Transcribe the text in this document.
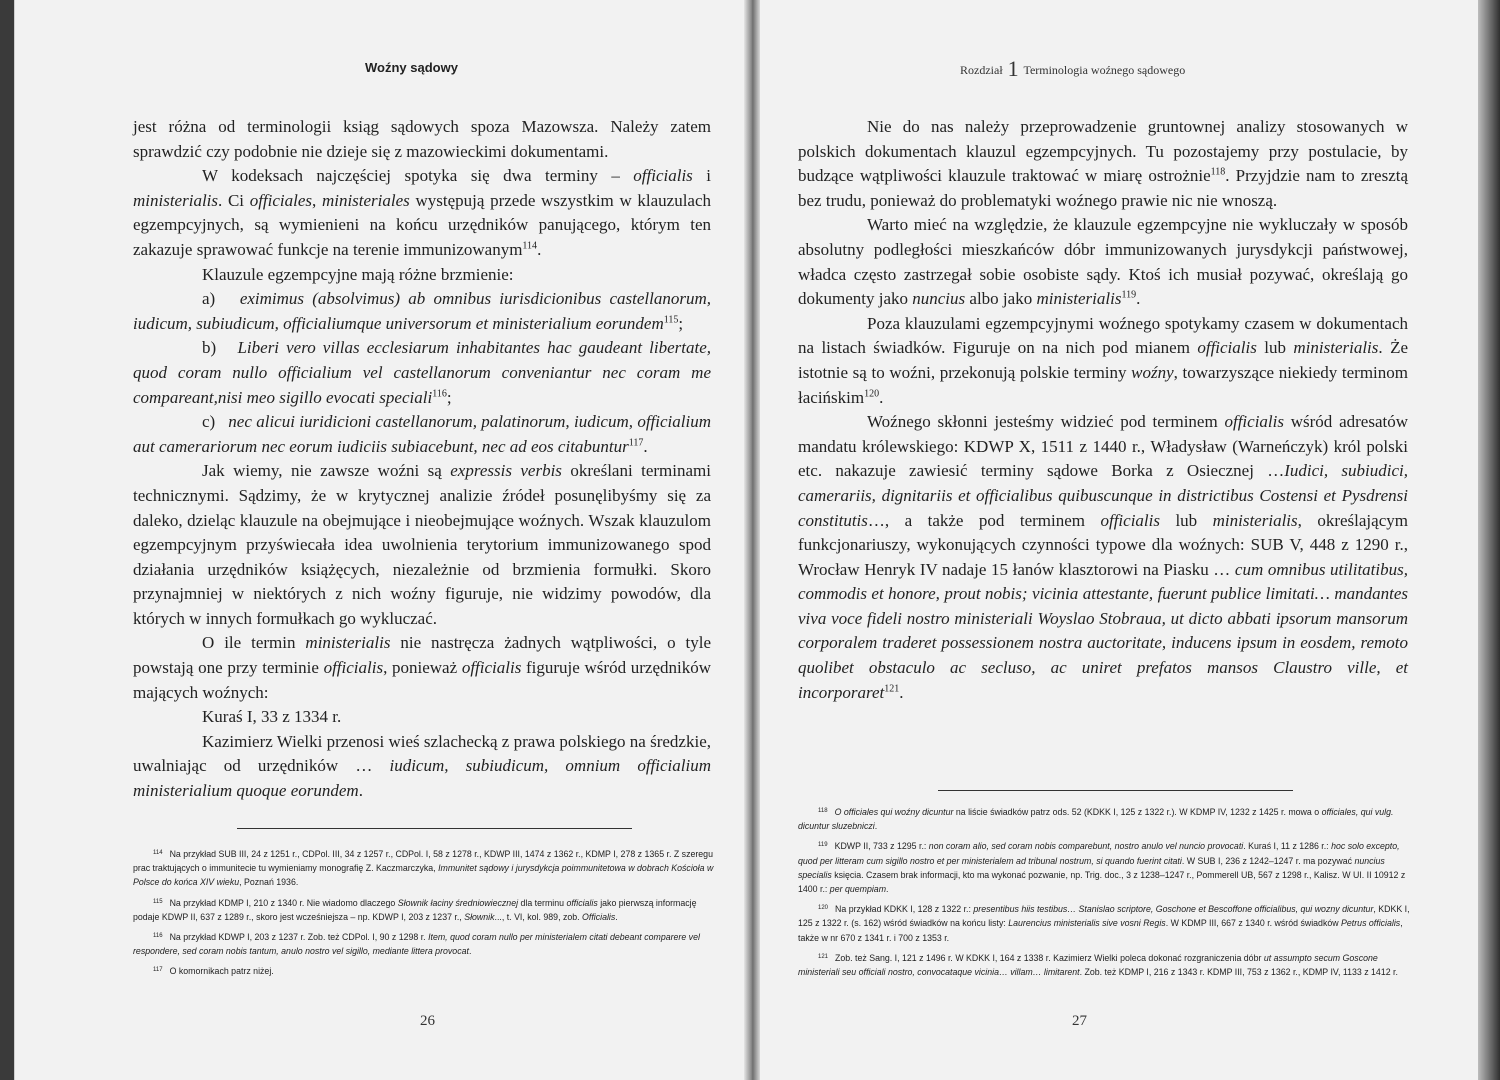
Woźny sądowy

jest różna od terminologii ksiąg sądowych spoza Mazowsza. Należy zatem sprawdzić czy podobnie nie dzieje się z mazowieckimi dokumentami.

W kodeksach najczęściej spotyka się dwa terminy – officialis i ministerialis. Ci officiales, ministeriales występują przede wszystkim w klauzulach egzempcyjnych, są wymienieni na końcu urzędników panującego, którym ten zakazuje sprawować funkcje na terenie immunizowanym$^{114}$.

Klauzule egzempcyjne mają różne brzmienie:

a)   eximimus (absolvimus) ab omnibus iurisdicionibus castellanorum, iudicum, subiudicum, officialiumque universorum et ministerialium eorundem$^{115}$;

b)   Liberi vero villas ecclesiarum inhabitantes hac gaudeant libertate, quod coram nullo officialium vel castellanorum conveniantur nec coram me compareant,nisi meo sigillo evocati speciali$^{116}$;

c)   nec alicui iuridicioni castellanorum, palatinorum, iudicum, officialium aut camerariorum nec eorum iudiciis subiacebunt, nec ad eos citabuntur$^{117}$.

Jak wiemy, nie zawsze woźni są expressis verbis określani terminami technicznymi. Sądzimy, że w krytycznej analizie źródeł posunęlibyśmy się za daleko, dzieląc klauzule na obejmujące i nieobejmujące woźnych. Wszak klauzulom egzempcyjnym przyświecała idea uwolnienia terytorium immunizowanego spod działania urzędników książęcych, niezależnie od brzmienia formułki. Skoro przynajmniej w niektórych z nich woźny figuruje, nie widzimy powodów, dla których w innych formułkach go wykluczać.

O ile termin ministerialis nie nastręcza żadnych wątpliwości, o tyle powstają one przy terminie officialis, ponieważ officialis figuruje wśród urzędników mających woźnych:

Kuraś I, 33 z 1334 r.

Kazimierz Wielki przenosi wieś szlachecką z prawa polskiego na średzkie, uwalniając od urzędników … iudicum, subiudicum, omnium officialium ministerialium quoque eorundem.

$^{114}$ Na przykład SUB III, 24 z 1251 r., CDPol. III, 34 z 1257 r., CDPol. I, 58 z 1278 r., KDWP III, 1474 z 1362 r., KDMP I, 278 z 1365 r. Z szeregu prac traktujących o immunitecie tu wymieniamy monografię Z. Kaczmarczyka, Immunitet sądowy i jurysdykcja poimmunitetowa w dobrach Kościoła w Polsce do końca XIV wieku, Poznań 1936.

$^{115}$ Na przykład KDMP I, 210 z 1340 r. Nie wiadomo dlaczego Słownik łaciny średniowiecznej dla terminu officialis jako pierwszą informację podaje KDWP II, 637 z 1289 r., skoro jest wcześniejsza – np. KDWP I, 203 z 1237 r., Słownik..., t. VI, kol. 989, zob. Officialis.

$^{116}$ Na przykład KDWP I, 203 z 1237 r. Zob. też CDPol. I, 90 z 1298 r. Item, quod coram nullo per ministerialem citati debeant comparere vel respondere, sed coram nobis tantum, anulo nostro vel sigillo, mediante littera provocat.

$^{117}$ O komornikach patrz niżej.

26
Rozdział 1 Terminologia woźnego sądowego

Nie do nas należy przeprowadzenie gruntownej analizy stosowanych w polskich dokumentach klauzul egzempcyjnych. Tu pozostajemy przy postulacie, by budzące wątpliwości klauzule traktować w miarę ostrożnie$^{118}$. Przyjdzie nam to zresztą bez trudu, ponieważ do problematyki woźnego prawie nic nie wnoszą.

Warto mieć na względzie, że klauzule egzempcyjne nie wykluczały w sposób absolutny podległości mieszkańców dóbr immunizowanych jurysdykcji państwowej, władca często zastrzegał sobie osobiste sądy. Ktoś ich musiał pozywać, określają go dokumenty jako nuncius albo jako ministerialis$^{119}$.

Poza klauzulami egzempcyjnymi woźnego spotykamy czasem w dokumentach na listach świadków. Figuruje on na nich pod mianem officialis lub ministerialis. Że istotnie są to woźni, przekonują polskie terminy woźny, towarzyszące niekiedy terminom łacińskim$^{120}$.

Woźnego skłonni jesteśmy widzieć pod terminem officialis wśród adresatów mandatu królewskiego: KDWP X, 1511 z 1440 r., Władysław (Warneńczyk) król polski etc. nakazuje zawiesić terminy sądowe Borka z Osiecznej …Iudici, subiudici, camerariis, dignitariis et officialibus quibuscunque in districtibus Costensi et Pysdrensi constitutis…, a także pod terminem officialis lub ministerialis, określającym funkcjonariuszy, wykonujących czynności typowe dla woźnych: SUB V, 448 z 1290 r., Wrocław Henryk IV nadaje 15 łanów klasztorowi na Piasku … cum omnibus utilitatibus, commodis et honore, prout nobis; vicinia attestante, fuerunt publice limitati… mandantes viva voce fideli nostro ministeriali Woyslao Stobraua, ut dicto abbati ipsorum mansorum corporalem traderet possessionem nostra auctoritate, inducens ipsum in eosdem, remoto quolibet obstaculo ac secluso, ac uniret prefatos mansos Claustro ville, et incorporaret$^{121}$.

$^{118}$ O officiales qui woźny dicuntur na liście świadków patrz ods. 52 (KDKK I, 125 z 1322 r.). W KDMP IV, 1232 z 1425 r. mowa o officiales, qui vulg. dicuntur sluzebniczi.

$^{119}$ KDWP II, 733 z 1295 r.: non coram alio, sed coram nobis comparebunt, nostro anulo vel nuncio provocati. Kuraś I, 11 z 1286 r.: hoc solo excepto, quod per litteram cum sigillo nostro et per ministerialem ad tribunal nostrum, si quando fuerint citati. W SUB I, 236 z 1242–1247 r. ma pozywać nuncius specialis księcia. Czasem brak informacji, kto ma wykonać pozwanie, np. Trig. doc., 3 z 1238–1247 r., Pommerell UB, 567 z 1298 r., Kalisz. W UI. II 10912 z 1400 r.: per quempiam.

$^{120}$ Na przykład KDKK I, 128 z 1322 r.: presentibus hiis testibus… Stanislao scriptore, Goschone et Bescoffone officialibus, qui wozny dicuntur, KDKK I, 125 z 1322 r. (s. 162) wśród świadków na końcu listy: Laurencius ministerialis sive vosni Regis. W KDMP III, 667 z 1340 r. wśród świadków Petrus officialis, także w nr 670 z 1341 r. i 700 z 1353 r.

$^{121}$ Zob. też Sang. I, 121 z 1496 r. W KDKK I, 164 z 1338 r. Kazimierz Wielki poleca dokonać rozgraniczenia dóbr ut assumpto secum Goscone ministeriali seu officiali nostro, convocataque vicinia… villam… limitarent. Zob. też KDMP I, 216 z 1343 r. KDMP III, 753 z 1362 r., KDMP IV, 1133 z 1412 r.

27
